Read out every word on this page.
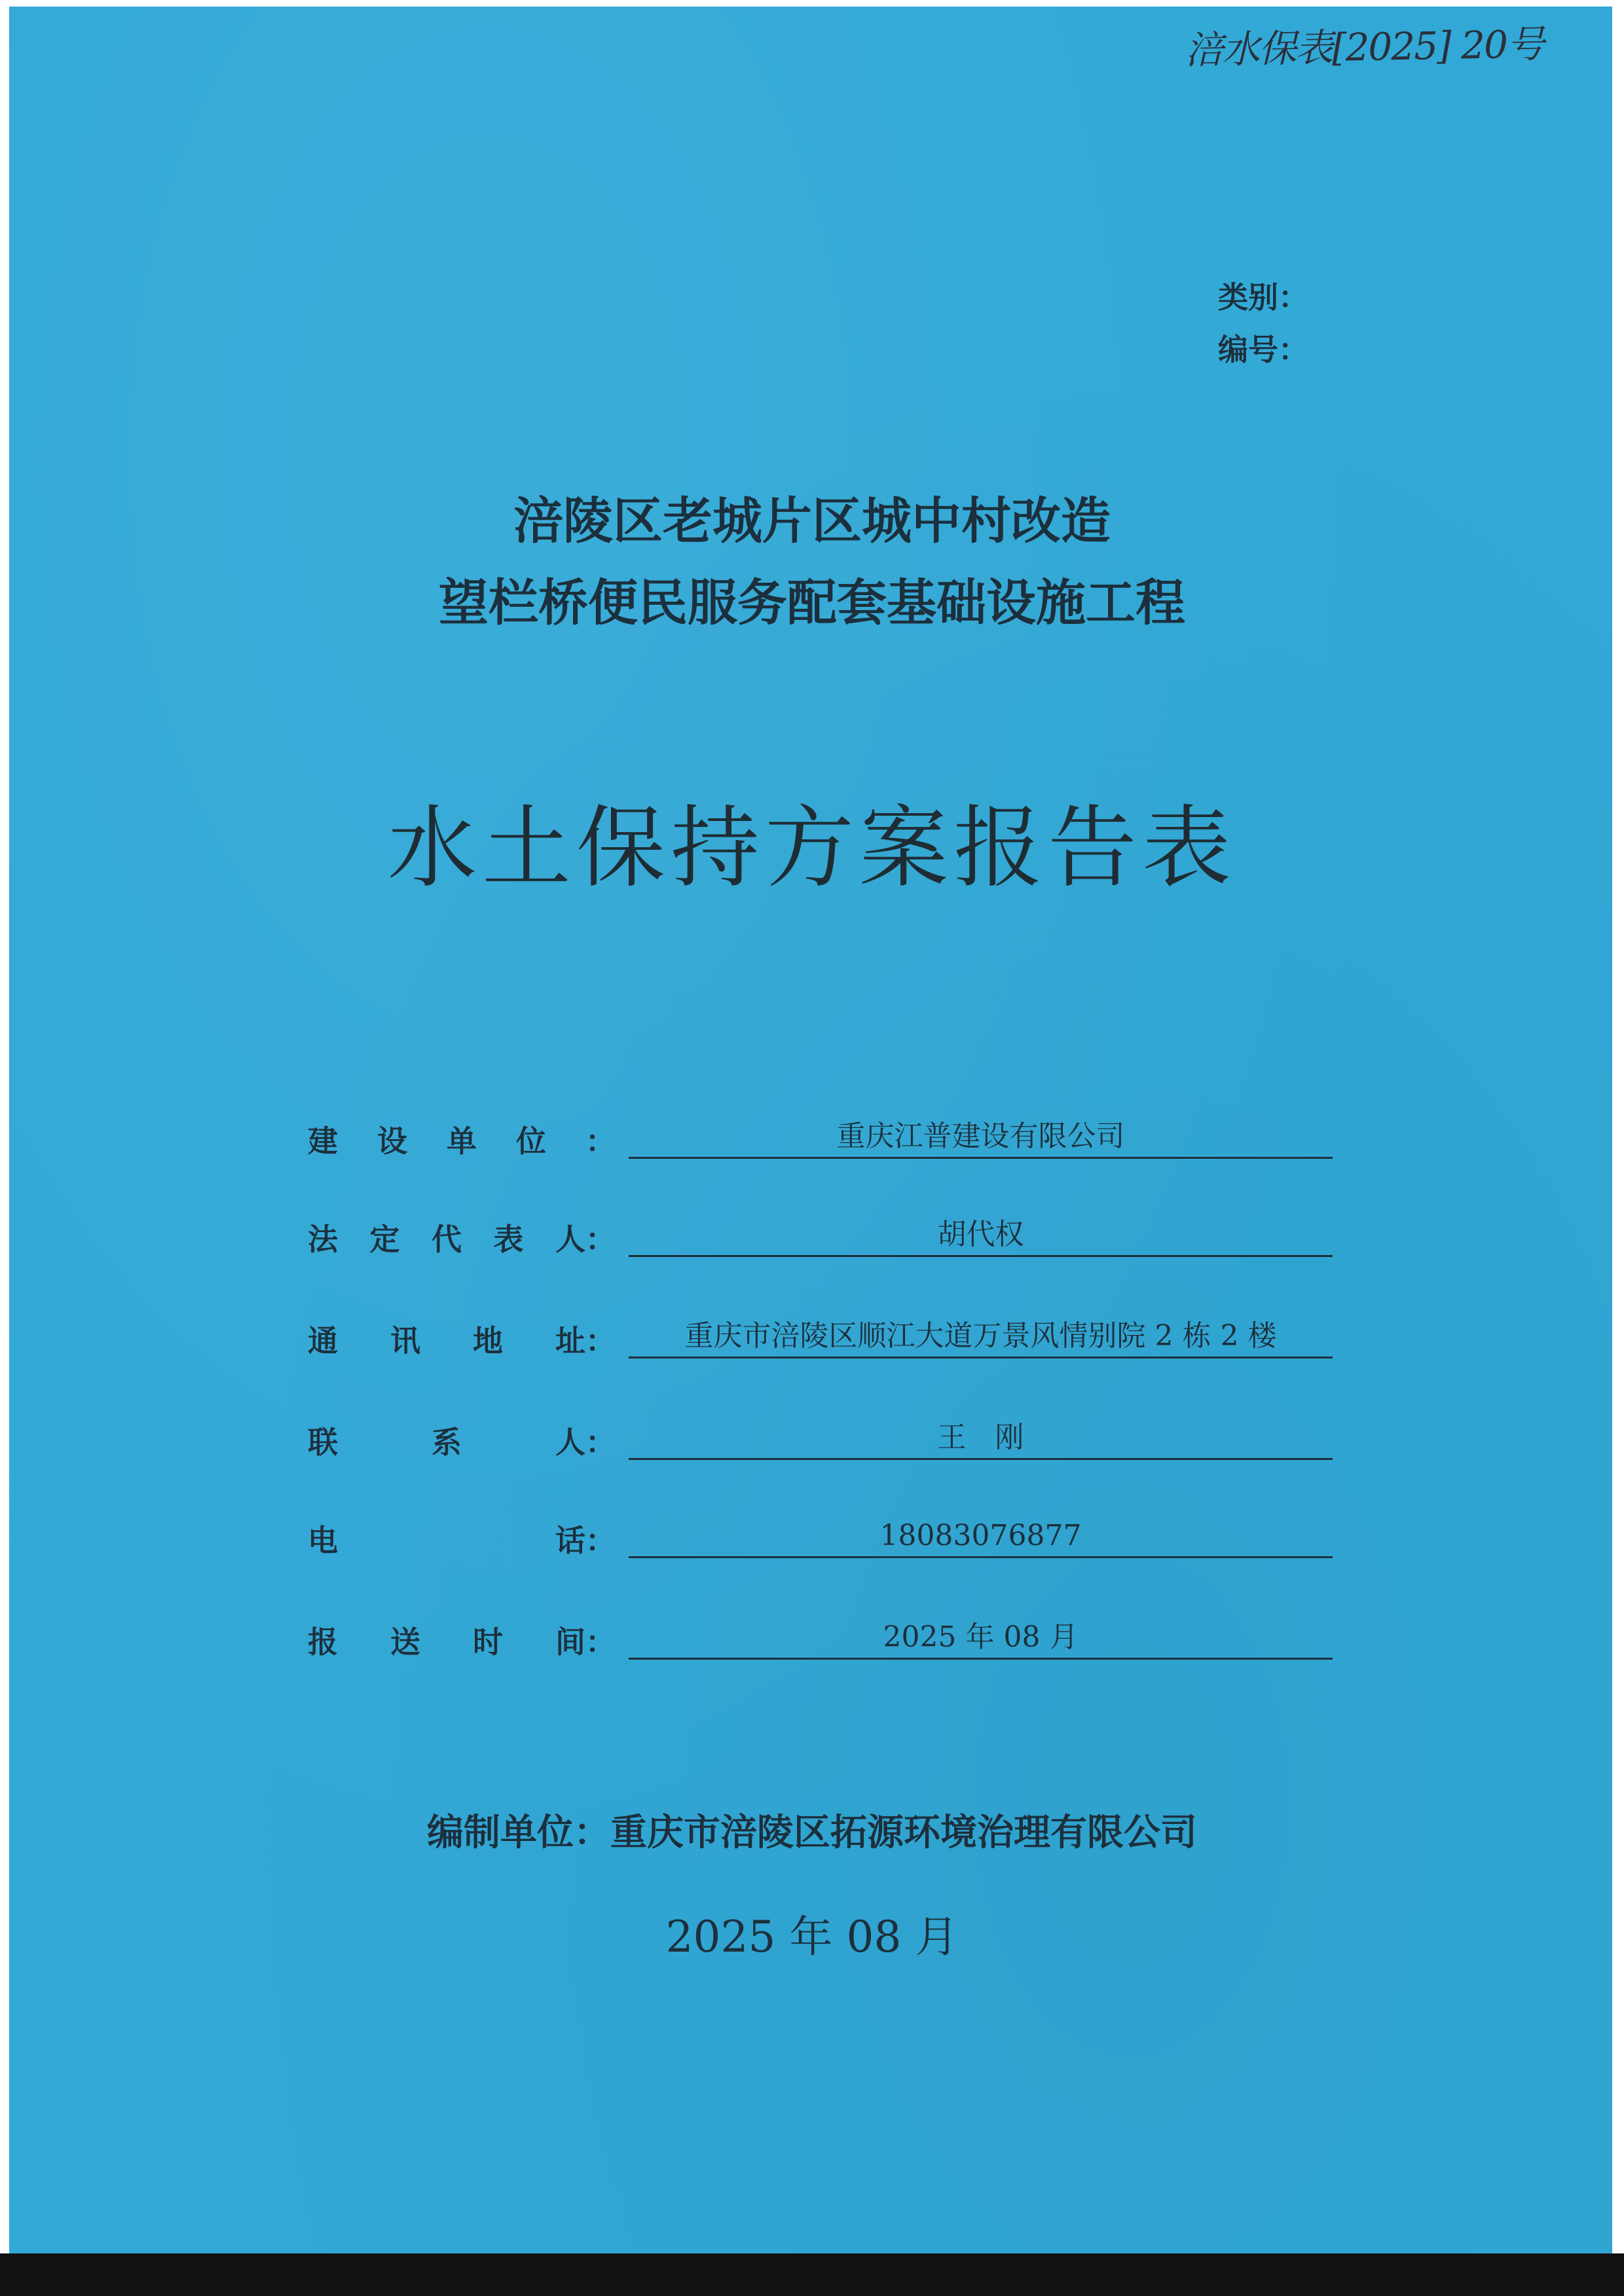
涪水保表[2025] 20号
类别：
编号：
涪陵区老城片区城中村改造
望栏桥便民服务配套基础设施工程
水土保持方案报告表
建 设 单 位 ：	重庆江普建设有限公司
法 定 代 表 人：	胡代权
通 讯 地 址：	重庆市涪陵区顺江大道万景风情别院 2 栋 2 楼
联	系	人：	王　刚
电	话：	18083076877
报 送 时 间：	2025 年 08 月
编制单位：重庆市涪陵区拓源环境治理有限公司
2025 年 08 月
